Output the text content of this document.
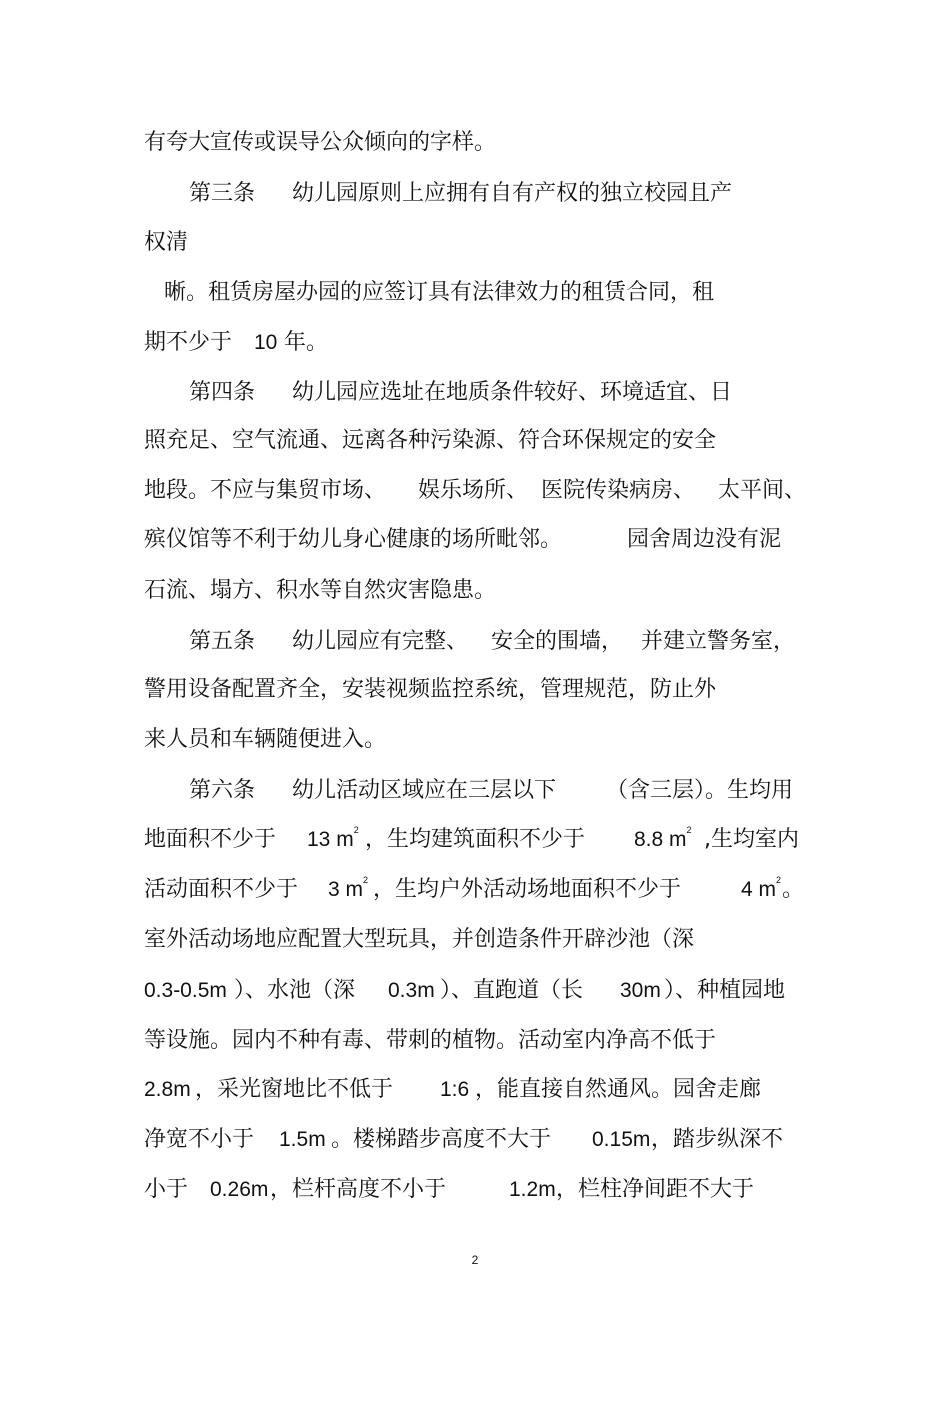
有夸大宣传或误导公众倾向的字样。

第三条

幼儿园原则上应拥有自有产权的独立校园且产

权清

晰。租赁房屋办园的应签订具有法律效力的租赁合同，租

期不少于

10

年。

第四条

幼儿园应选址在地质条件较好、环境适宜、日

照充足、空气流通、远离各种污染源、符合环保规定的安全

地段。不应与集贸市场、

娱乐场所、

医院传染病房、

太平间、

殡仪馆等不利于幼儿身心健康的场所毗邻。

	园舍周边没有泥

石流、塌方、积水等自然灾害隐患。

第五条

幼儿园应有完整、

安全的围墙，

并建立警务室，

警用设备配置齐全，安装视频监控系统，管理规范，防止外

来人员和车辆随便进入。

第六条

幼儿活动区域应在三层以下

（含三层）。生均用

地面积不少于

13 $m^2$

，生均建筑面积不少于

8.8 $m^2$

,生均室内

活动面积不少于

3 $m^2$

，生均户外活动场地面积不少于

	4 $m^2$

。

室外活动场地应配置大型玩具，并创造条件开辟沙池（深

0.3-0.5m

）、水池（深

0.3m

）、直跑道（长

30m

）、种植园地

等设施。园内不种有毒、带刺的植物。活动室内净高不低于

2.8m

，采光窗地比不低于

1:6

，能直接自然通风。园舍走廊

净宽不小于

1.5m

。楼梯踏步高度不大于

0.15m

，踏步纵深不

小于

0.26m

，栏杆高度不小于

	1.2m

，栏柱净间距不大于

2
